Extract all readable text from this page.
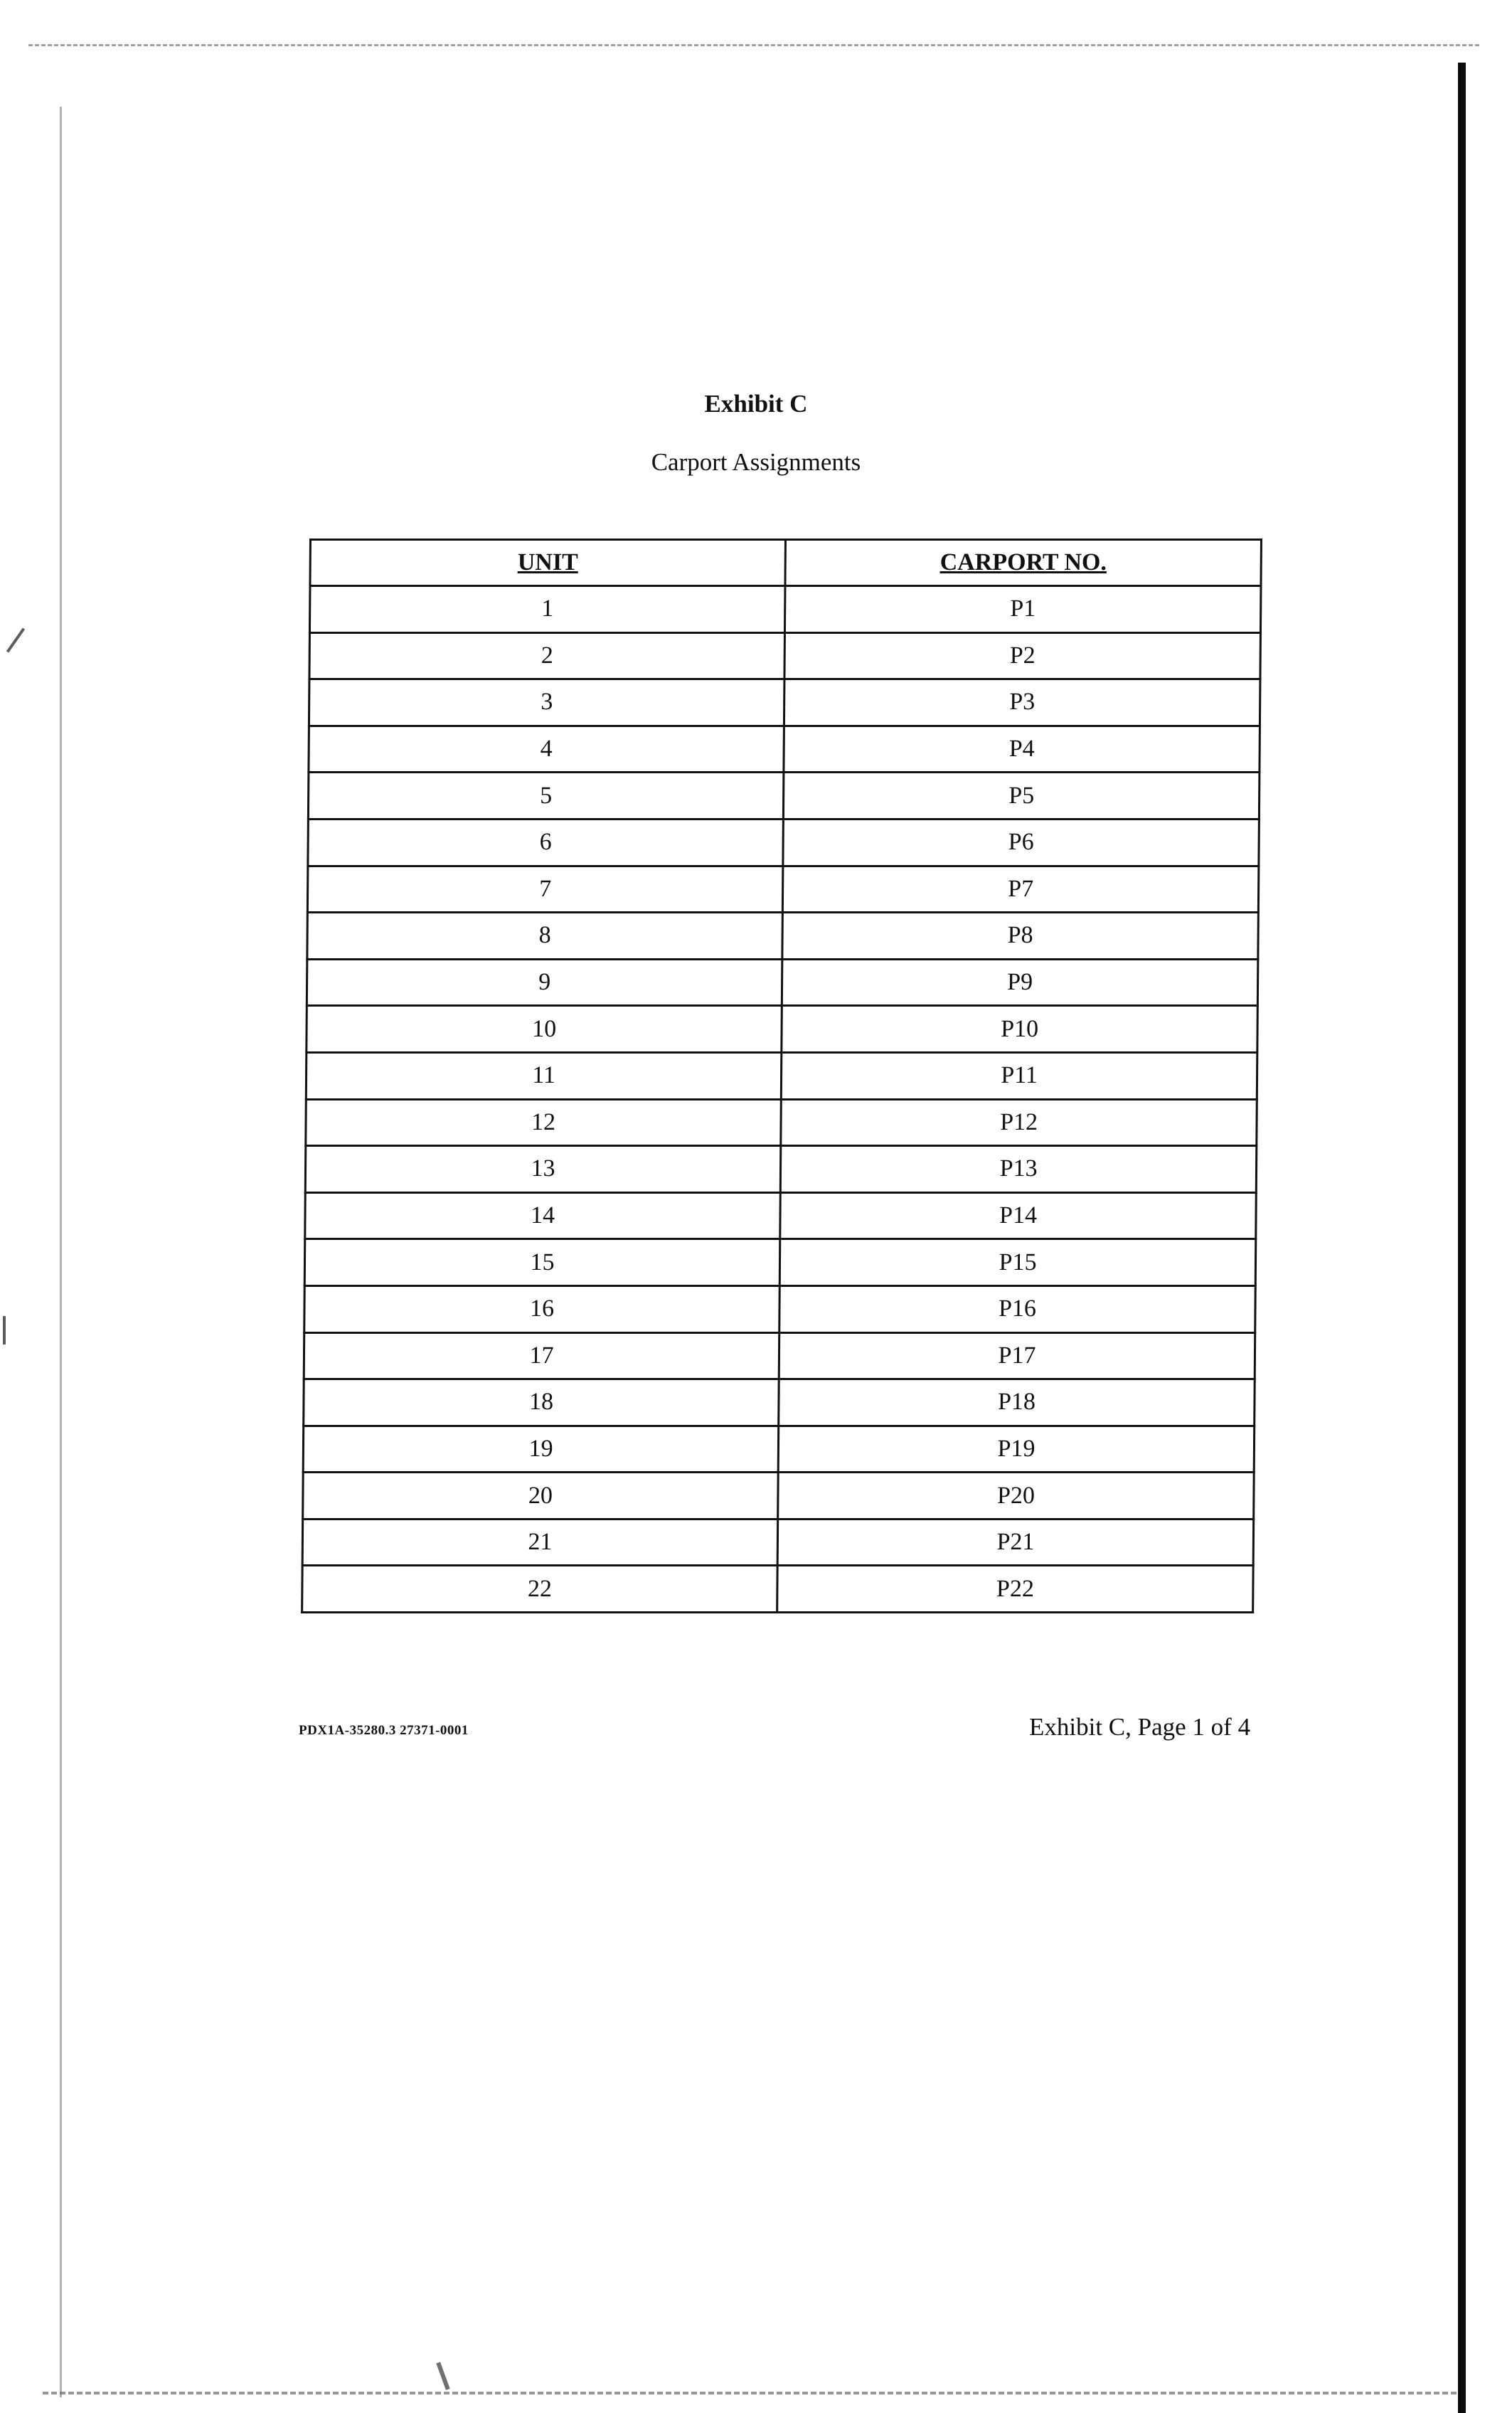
Exhibit C
Carport Assignments
UNIT	CARPORT NO.
1	P1
2	P2
3	P3
4	P4
5	P5
6	P6
7	P7
8	P8
9	P9
10	P10
11	P11
12	P12
13	P13
14	P14
15	P15
16	P16
17	P17
18	P18
19	P19
20	P20
21	P21
22	P22
PDX1A-35280.3 27371-0001	Exhibit C, Page 1 of 4
